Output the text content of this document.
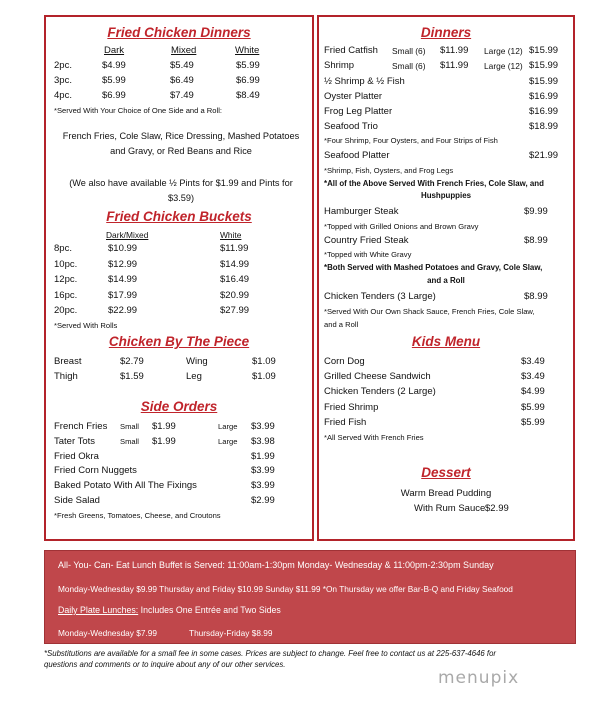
Fried Chicken Dinners
Dark	Mixed	White
2pc.	$4.99	$5.49	$5.99
3pc.	$5.99	$6.49	$6.99
4pc.	$6.99	$7.49	$8.49
*Served With Your Choice of One Side and a Roll:
French Fries, Cole Slaw, Rice Dressing, Mashed Potatoes
and Gravy, or Red Beans and Rice
(We also have available ½ Pints for $1.99 and Pints for
$3.59)
Fried Chicken Buckets
Dark/Mixed	White
8pc.	$10.99	$11.99
10pc.	$12.99	$14.99
12pc.	$14.99	$16.49
16pc.	$17.99	$20.99
20pc.	$22.99	$27.99
*Served With Rolls
Chicken By The Piece
Breast	$2.79	Wing	$1.09
Thigh	$1.59	Leg	$1.09
Side Orders
French Fries Small $1.99	Large $3.99
Tater Tots	Small $1.99	Large $3.98
Fried Okra	$1.99
Fried Corn Nuggets	$3.99
Baked Potato With All The Fixings	$3.99
Side Salad	$2.99
*Fresh Greens, Tomatoes, Cheese, and Croutons
Dinners
Fried Catfish Small (6) $11.99 Large (12) $15.99
Shrimp	Small (6) $11.99 Large (12) $15.99
½ Shrimp & ½ Fish	$15.99
Oyster Platter	$16.99
Frog Leg Platter	$16.99
Seafood Trio	$18.99
*Four Shrimp, Four Oysters, and Four Strips of Fish
Seafood Platter	$21.99
*Shrimp, Fish, Oysters, and Frog Legs
*All of the Above Served With French Fries, Cole Slaw, and
Hushpuppies
Hamburger Steak	$9.99
*Topped with Grilled Onions and Brown Gravy
Country Fried Steak	$8.99
*Topped with White Gravy
*Both Served with Mashed Potatoes and Gravy, Cole Slaw,
and a Roll
Chicken Tenders (3 Large)	$8.99
*Served With Our Own Shack Sauce, French Fries, Cole Slaw,
and a Roll
Kids Menu
Corn Dog	$3.49
Grilled Cheese Sandwich	$3.49
Chicken Tenders (2 Large)	$4.99
Fried Shrimp	$5.99
Fried Fish	$5.99
*All Served With French Fries
Dessert
Warm Bread Pudding
With Rum Sauce $2.99
All- You- Can- Eat Lunch Buffet is Served: 11:00am-1:30pm Monday- Wednesday & 11:00pm-2:30pm Sunday
Monday-Wednesday $9.99 Thursday and Friday $10.99 Sunday $11.99 *On Thursday we offer Bar-B-Q and Friday Seafood
Daily Plate Lunches: Includes One Entrée and Two Sides
Monday-Wednesday $7.99	Thursday-Friday $8.99
*Substitutions are available for a small fee in some cases. Prices are subject to change. Feel free to contact us at 225-637-4646 for
questions and comments or to inquire about any of our other services.
menupix
